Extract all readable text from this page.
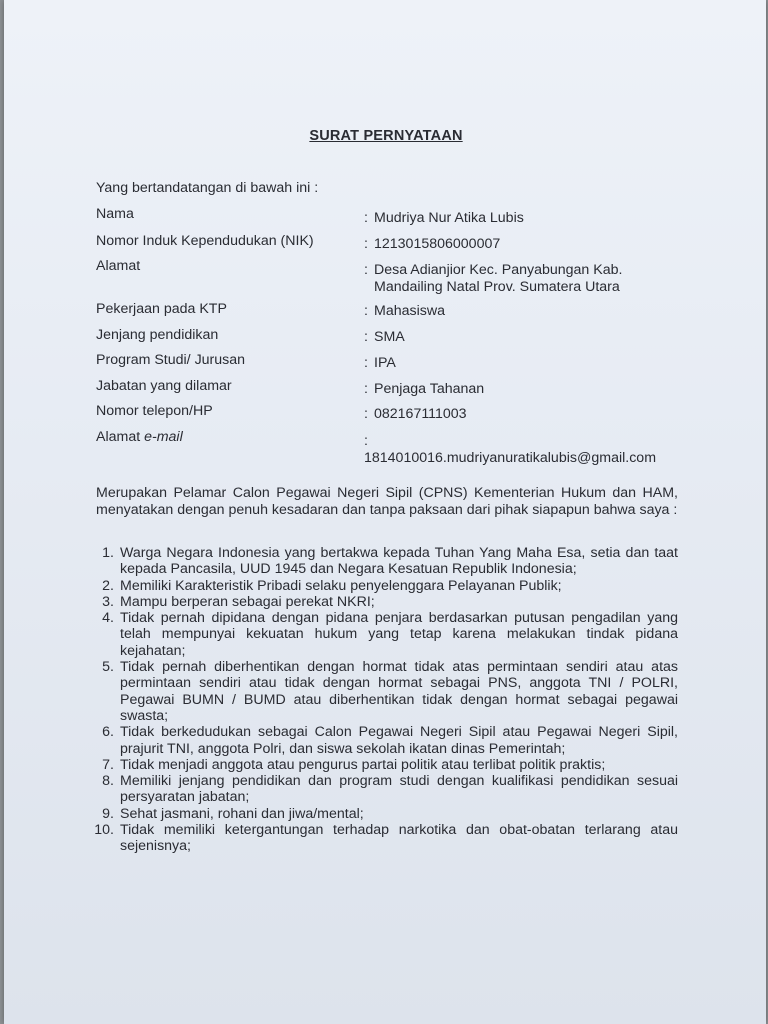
SURAT PERNYATAAN
Yang bertandatangan di bawah ini :
Nama	: Mudriya Nur Atika Lubis
Nomor Induk Kependudukan (NIK)	: 1213015806000007
Alamat	: Desa Adianjior Kec. Panyabungan Kab. Mandailing Natal Prov. Sumatera Utara
Pekerjaan pada KTP	: Mahasiswa
Jenjang pendidikan	: SMA
Program Studi/ Jurusan	: IPA
Jabatan yang dilamar	: Penjaga Tahanan
Nomor telepon/HP	: 082167111003
Alamat e-mail	:1814010016.mudriyanuratikalubis@gmail.com
Merupakan Pelamar Calon Pegawai Negeri Sipil (CPNS) Kementerian Hukum dan HAM, menyatakan dengan penuh kesadaran dan tanpa paksaan dari pihak siapapun bahwa saya :
1. Warga Negara Indonesia yang bertakwa kepada Tuhan Yang Maha Esa, setia dan taat kepada Pancasila, UUD 1945 dan Negara Kesatuan Republik Indonesia;
2. Memiliki Karakteristik Pribadi selaku penyelenggara Pelayanan Publik;
3. Mampu berperan sebagai perekat NKRI;
4. Tidak pernah dipidana dengan pidana penjara berdasarkan putusan pengadilan yang telah mempunyai kekuatan hukum yang tetap karena melakukan tindak pidana kejahatan;
5. Tidak pernah diberhentikan dengan hormat tidak atas permintaan sendiri atau atas permintaan sendiri atau tidak dengan hormat sebagai PNS, anggota TNI / POLRI, Pegawai BUMN / BUMD atau diberhentikan tidak dengan hormat sebagai pegawai swasta;
6. Tidak berkedudukan sebagai Calon Pegawai Negeri Sipil atau Pegawai Negeri Sipil, prajurit TNI, anggota Polri, dan siswa sekolah ikatan dinas Pemerintah;
7. Tidak menjadi anggota atau pengurus partai politik atau terlibat politik praktis;
8. Memiliki jenjang pendidikan dan program studi dengan kualifikasi pendidikan sesuai persyaratan jabatan;
9. Sehat jasmani, rohani dan jiwa/mental;
10. Tidak memiliki ketergantungan terhadap narkotika dan obat-obatan terlarang atau sejenisnya;
